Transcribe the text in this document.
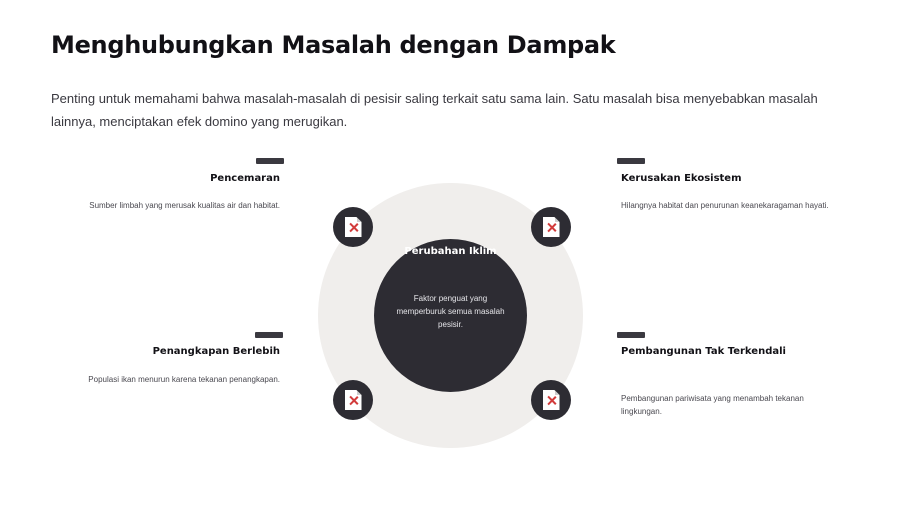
Menghubungkan Masalah dengan Dampak

Penting untuk memahami bahwa masalah-masalah di pesisir saling terkait satu sama lain. Satu masalah bisa menyebabkan masalah lainnya, menciptakan efek domino yang merugikan.

Perubahan Iklim
Faktor penguat yang memperburuk semua masalah pesisir.
Pencemaran
Sumber limbah yang merusak kualitas air dan habitat.
Kerusakan Ekosistem
Hilangnya habitat dan penurunan keanekaragaman hayati.
Penangkapan Berlebih
Populasi ikan menurun karena tekanan penangkapan.
Pembangunan Tak Terkendali
Pembangunan pariwisata yang menambah tekanan lingkungan.
